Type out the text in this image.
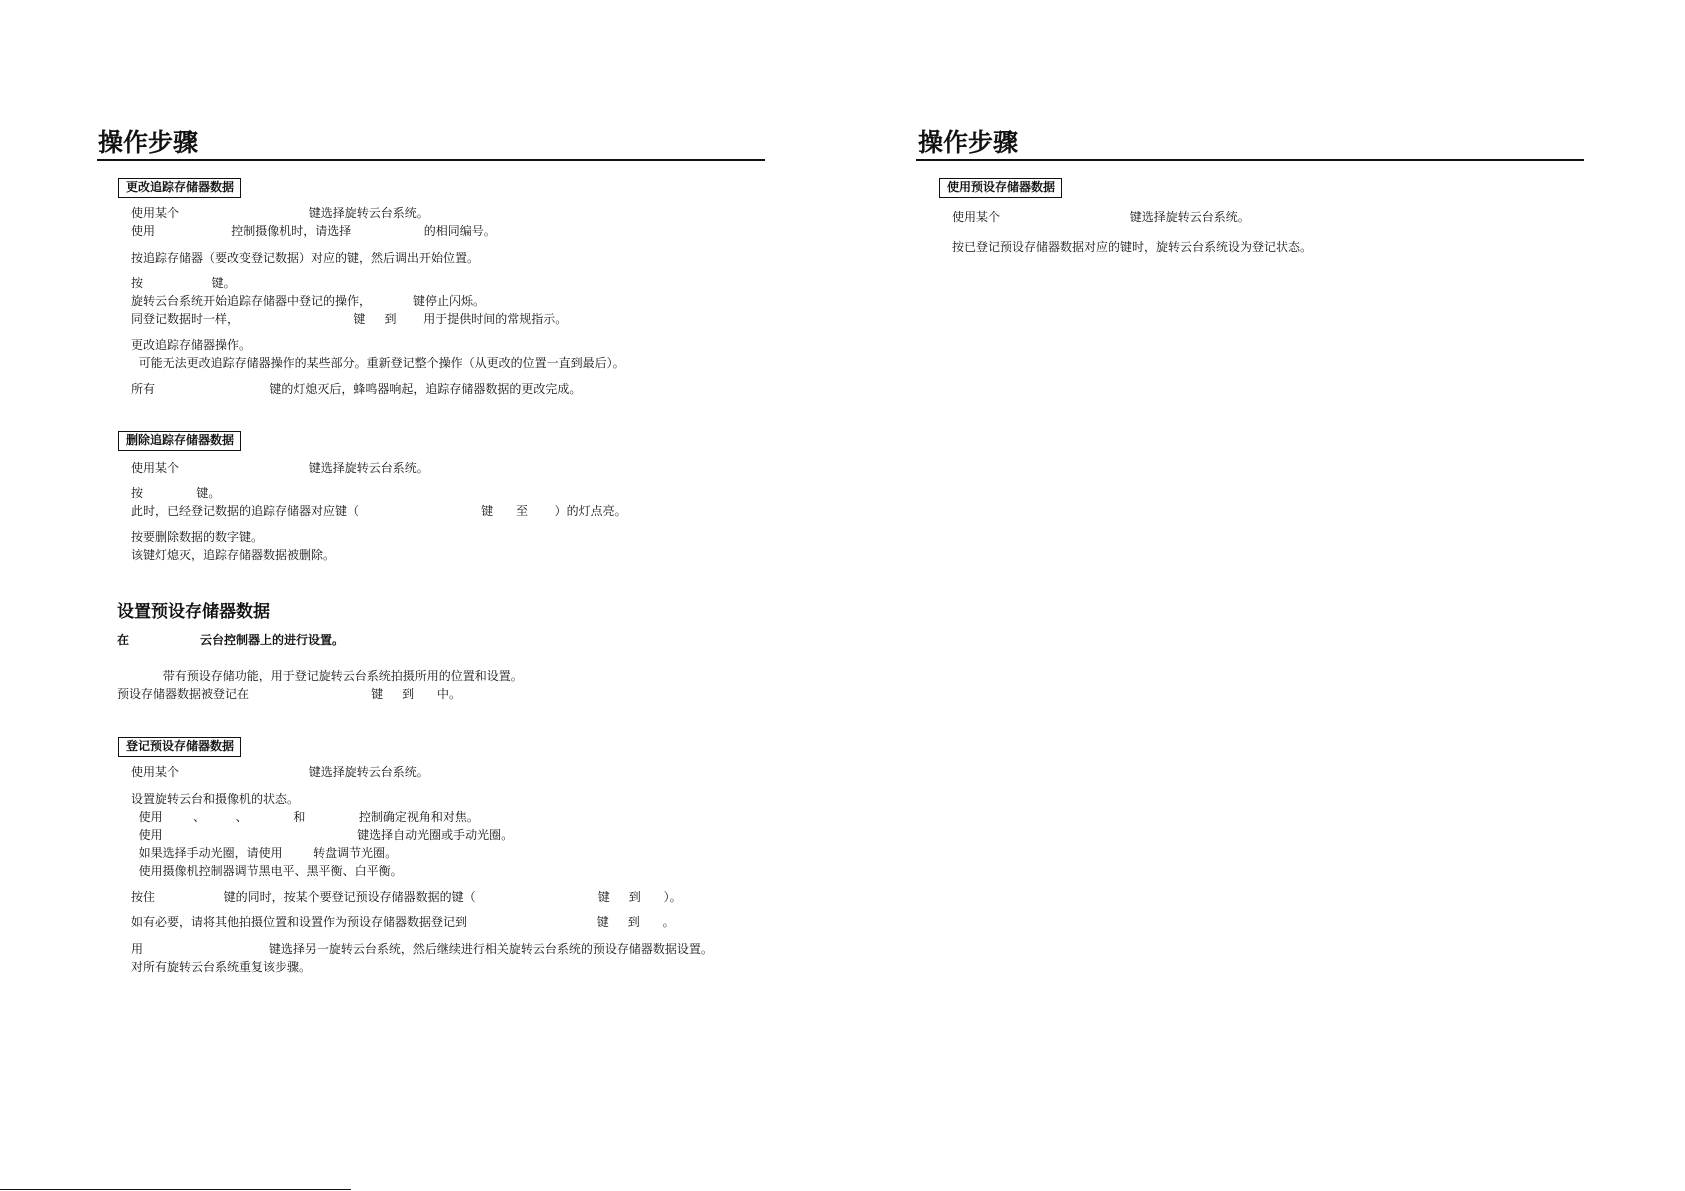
操作步骤
更改追踪存储器数据
使用某个                                  键选择旋转云台系统。
使用                    控制摄像机时，请选择                   的相同编号。
按追踪存储器（要改变登记数据）对应的键，然后调出开始位置。
按                  键。
旋转云台系统开始追踪存储器中登记的操作，           键停止闪烁。
同登记数据时一样，                              键     到       用于提供时间的常规指示。
更改追踪存储器操作。
可能无法更改追踪存储器操作的某些部分。重新登记整个操作（从更改的位置一直到最后）。
所有                              键的灯熄灭后，蜂鸣器响起，追踪存储器数据的更改完成。
删除追踪存储器数据
使用某个                                  键选择旋转云台系统。
按              键。
此时，已经登记数据的追踪存储器对应键（                                键      至       ）的灯点亮。
按要删除数据的数字键。
该键灯熄灭，追踪存储器数据被删除。
设置预设存储器数据
在                 云台控制器上的进行设置。
带有预设存储功能，用于登记旋转云台系统拍摄所用的位置和设置。
预设存储器数据被登记在                                键     到      中。
登记预设存储器数据
使用某个                                  键选择旋转云台系统。
设置旋转云台和摄像机的状态。
使用        、        、            和              控制确定视角和对焦。
使用                                                   键选择自动光圈或手动光圈。
如果选择手动光圈，请使用        转盘调节光圈。
使用摄像机控制器调节黑电平、黑平衡、白平衡。
按住                  键的同时，按某个要登记预设存储器数据的键（                                键     到      ）。
如有必要，请将其他拍摄位置和设置作为预设存储器数据登记到                                  键     到      。
用                                 键选择另一旋转云台系统，然后继续进行相关旋转云台系统的预设存储器数据设置。
对所有旋转云台系统重复该步骤。
操作步骤
使用预设存储器数据
使用某个                                  键选择旋转云台系统。
按已登记预设存储器数据对应的键时，旋转云台系统设为登记状态。
